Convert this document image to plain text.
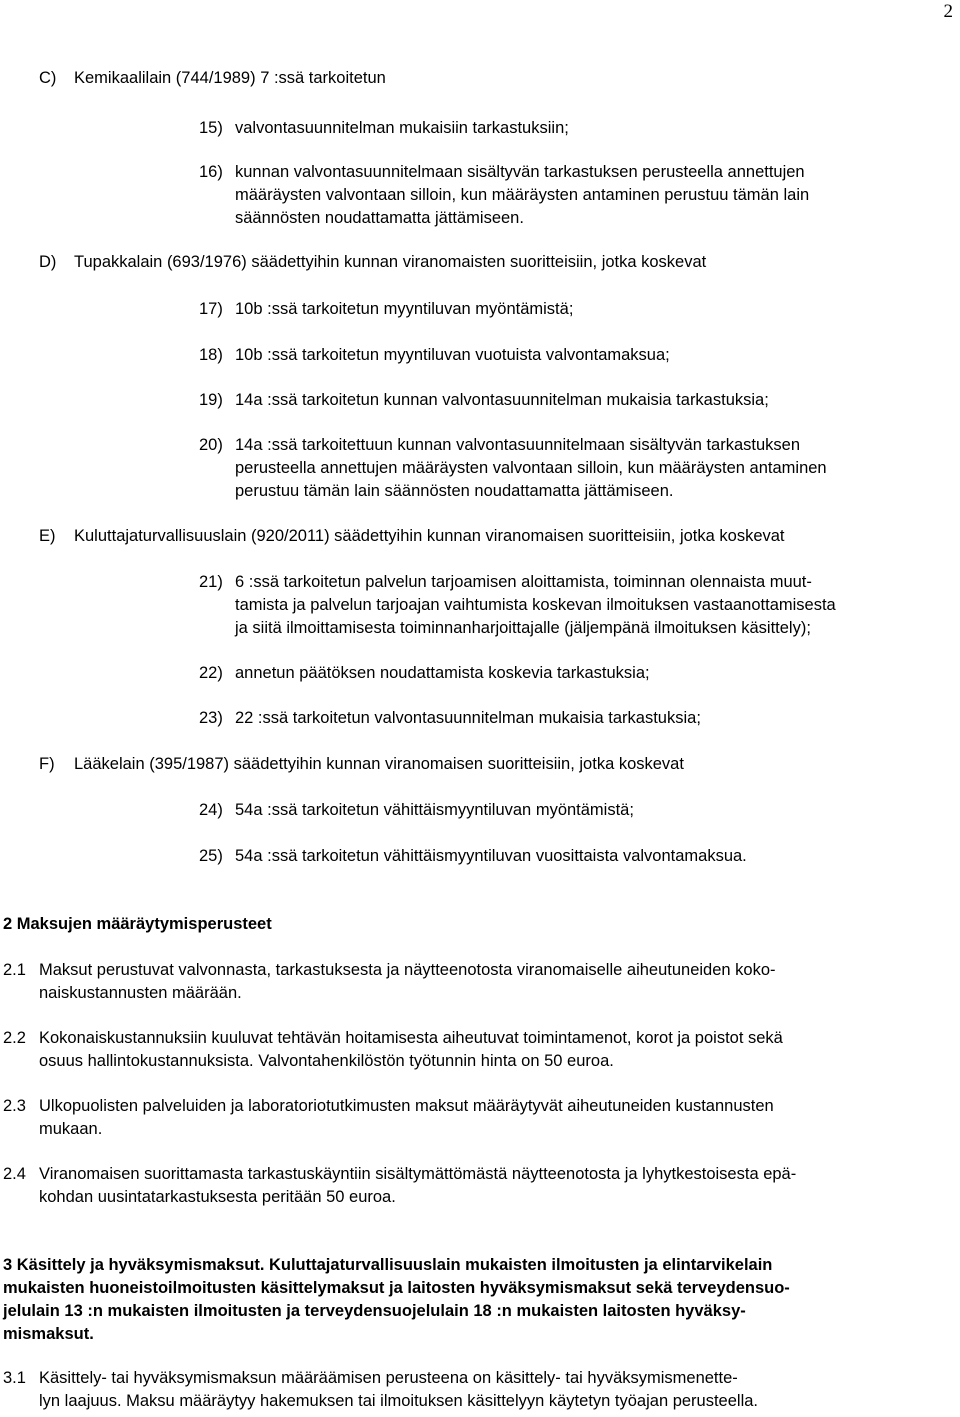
2
C) Kemikaalilain (744/1989) 7 :ssä tarkoitetun
15) valvontasuunnitelman mukaisiin tarkastuksiin;
16) kunnan valvontasuunnitelmaan sisältyvän tarkastuksen perusteella annettujen
määräysten valvontaan silloin, kun määräysten antaminen perustuu tämän lain
säännösten noudattamatta jättämiseen.
D) Tupakkalain (693/1976) säädettyihin kunnan viranomaisten suoritteisiin, jotka koskevat
17) 10b :ssä tarkoitetun myyntiluvan myöntämistä;
18) 10b :ssä tarkoitetun myyntiluvan vuotuista valvontamaksua;
19) 14a :ssä tarkoitetun kunnan valvontasuunnitelman mukaisia tarkastuksia;
20) 14a :ssä tarkoitettuun kunnan valvontasuunnitelmaan sisältyvän tarkastuksen
perusteella annettujen määräysten valvontaan silloin, kun määräysten antaminen
perustuu tämän lain säännösten noudattamatta jättämiseen.
E) Kuluttajaturvallisuuslain (920/2011) säädettyihin kunnan viranomaisen suoritteisiin, jotka koskevat
21) 6 :ssä tarkoitetun palvelun tarjoamisen aloittamista, toiminnan olennaista muut-
tamista ja palvelun tarjoajan vaihtumista koskevan ilmoituksen vastaanottamisesta
ja siitä ilmoittamisesta toiminnanharjoittajalle (jäljempänä ilmoituksen käsittely);
22) annetun päätöksen noudattamista koskevia tarkastuksia;
23) 22 :ssä tarkoitetun valvontasuunnitelman mukaisia tarkastuksia;
F) Lääkelain (395/1987) säädettyihin kunnan viranomaisen suoritteisiin, jotka koskevat
24) 54a :ssä tarkoitetun vähittäismyyntiluvan myöntämistä;
25) 54a :ssä tarkoitetun vähittäismyyntiluvan vuosittaista valvontamaksua.
2 Maksujen määräytymisperusteet
2.1 Maksut perustuvat valvonnasta, tarkastuksesta ja näytteenotosta viranomaiselle aiheutuneiden koko-
naiskustannusten määrään.
2.2 Kokonaiskustannuksiin kuuluvat tehtävän hoitamisesta aiheutuvat toimintamenot, korot ja poistot sekä
osuus hallintokustannuksista. Valvontahenkilöstön työtunnin hinta on 50 euroa.
2.3 Ulkopuolisten palveluiden ja laboratoriotutkimusten maksut määräytyvät aiheutuneiden kustannusten
mukaan.
2.4 Viranomaisen suorittamasta tarkastuskäyntiin sisältymättömästä näytteenotosta ja lyhytkestoisesta epä-
kohdan uusintatarkastuksesta peritään 50 euroa.
3 Käsittely ja hyväksymismaksut. Kuluttajaturvallisuuslain mukaisten ilmoitusten ja elintarvikelain
mukaisten huoneistoilmoitusten käsittelymaksut ja laitosten hyväksymismaksut sekä terveydensuo-
jelulain 13 :n mukaisten ilmoitusten ja terveydensuojelulain 18 :n mukaisten laitosten hyväksy-
mismaksut.
3.1 Käsittely- tai hyväksymismaksun määräämisen perusteena on käsittely- tai hyväksymismenette-
lyn laajuus. Maksu määräytyy hakemuksen tai ilmoituksen käsittelyyn käytetyn työajan perusteella.
